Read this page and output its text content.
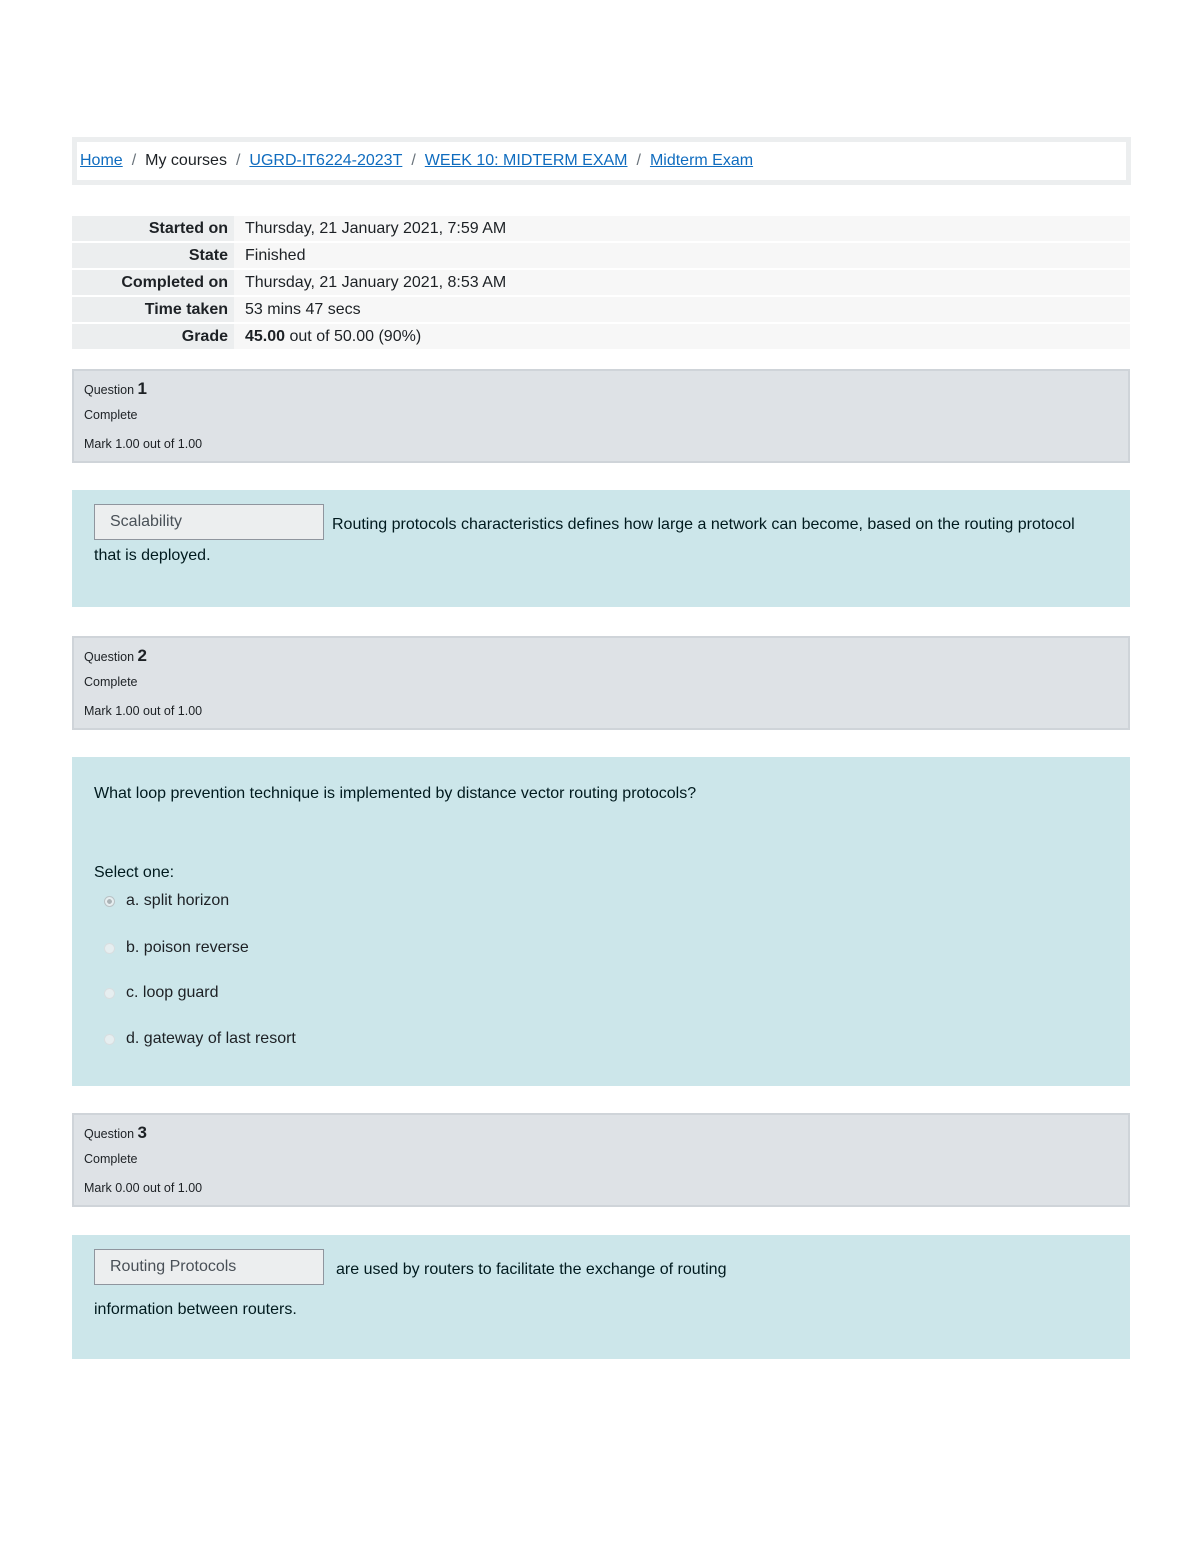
Home / My courses / UGRD-IT6224-2023T / WEEK 10: MIDTERM EXAM / Midterm Exam
Started on	Thursday, 21 January 2021, 7:59 AM
State	Finished
Completed on	Thursday, 21 January 2021, 8:53 AM
Time taken	53 mins 47 secs
Grade	45.00 out of 50.00 (90%)
Question 1
Complete
Mark 1.00 out of 1.00
Scalability	Routing protocols characteristics defines how large a network can become, based on the routing protocol
that is deployed.
Question 2
Complete
Mark 1.00 out of 1.00
What loop prevention technique is implemented by distance vector routing protocols?
Select one:
a. split horizon
b. poison reverse
c. loop guard
d. gateway of last resort
Question 3
Complete
Mark 0.00 out of 1.00
Routing Protocols	are used by routers to facilitate the exchange of routing
information between routers.
